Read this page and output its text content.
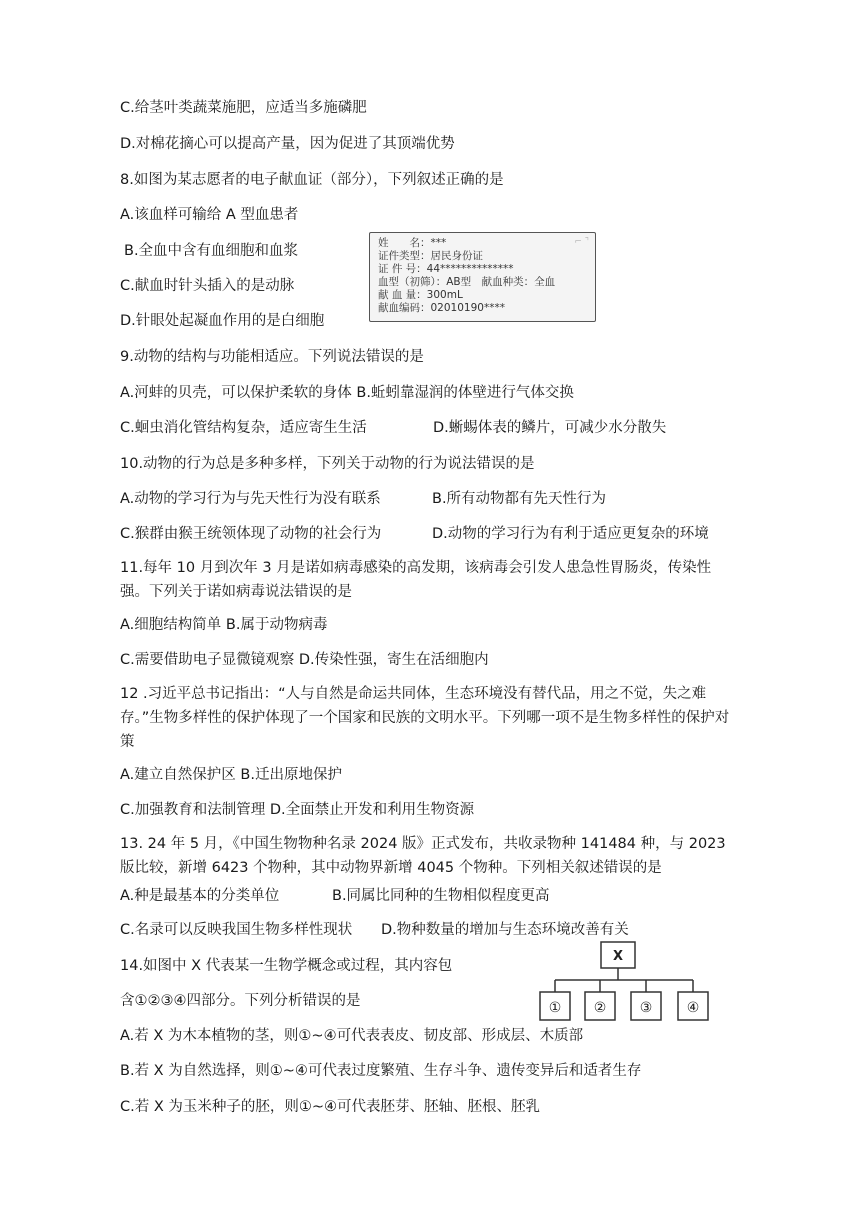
C.给茎叶类蔬菜施肥，应适当多施磷肥
D.对棉花摘心可以提高产量，因为促进了其顶端优势
8.如图为某志愿者的电子献血证（部分），下列叙述正确的是
A.该血样可输给 A 型血患者
B.全血中含有血细胞和血浆
C.献血时针头插入的是动脉
D.针眼处起凝血作用的是白细胞
⌐ ⌝
姓　　名：***
证件类型：居民身份证
证 件 号：44**************
血型（初筛）：AB型　献血种类：全血
献 血 量：300mL
献血编码：02010190****
9.动物的结构与功能相适应。下列说法错误的是
A.河蚌的贝壳，可以保护柔软的身体 B.蚯蚓靠湿润的体壁进行气体交换
C.蛔虫消化管结构复杂，适应寄生生活	D.蜥蜴体表的鳞片，可减少水分散失
10.动物的行为总是多种多样，下列关于动物的行为说法错误的是
A.动物的学习行为与先天性行为没有联系	B.所有动物都有先天性行为
C.猴群由猴王统领体现了动物的社会行为	D.动物的学习行为有利于适应更复杂的环境
11.每年 10 月到次年 3 月是诺如病毒感染的高发期，该病毒会引发人患急性胃肠炎，传染性强。下列关于诺如病毒说法错误的是
A.细胞结构简单 B.属于动物病毒
C.需要借助电子显微镜观察 D.传染性强，寄生在活细胞内
12 .习近平总书记指出：“人与自然是命运共同体，生态环境没有替代品，用之不觉，失之难存。”生物多样性的保护体现了一个国家和民族的文明水平。下列哪一项不是生物多样性的保护对策
A.建立自然保护区 B.迁出原地保护
C.加强教育和法制管理 D.全面禁止开发和利用生物资源
13. 24 年 5 月，《中国生物物种名录 2024 版》正式发布，共收录物种 141484 种，与 2023 版比较，新增 6423 个物种，其中动物界新增 4045 个物种。下列相关叙述错误的是
A.种是最基本的分类单位	B.同属比同种的生物相似程度更高
C.名录可以反映我国生物多样性现状 D.物种数量的增加与生态环境改善有关
14.如图中 X 代表某一生物学概念或过程，其内容包
含①②③④四部分。下列分析错误的是
X
① ② ③ ④
A.若 X 为木本植物的茎，则①~④可代表表皮、韧皮部、形成层、木质部
B.若 X 为自然选择，则①~④可代表过度繁殖、生存斗争、遗传变异后和适者生存
C.若 X 为玉米种子的胚，则①~④可代表胚芽、胚轴、胚根、胚乳
